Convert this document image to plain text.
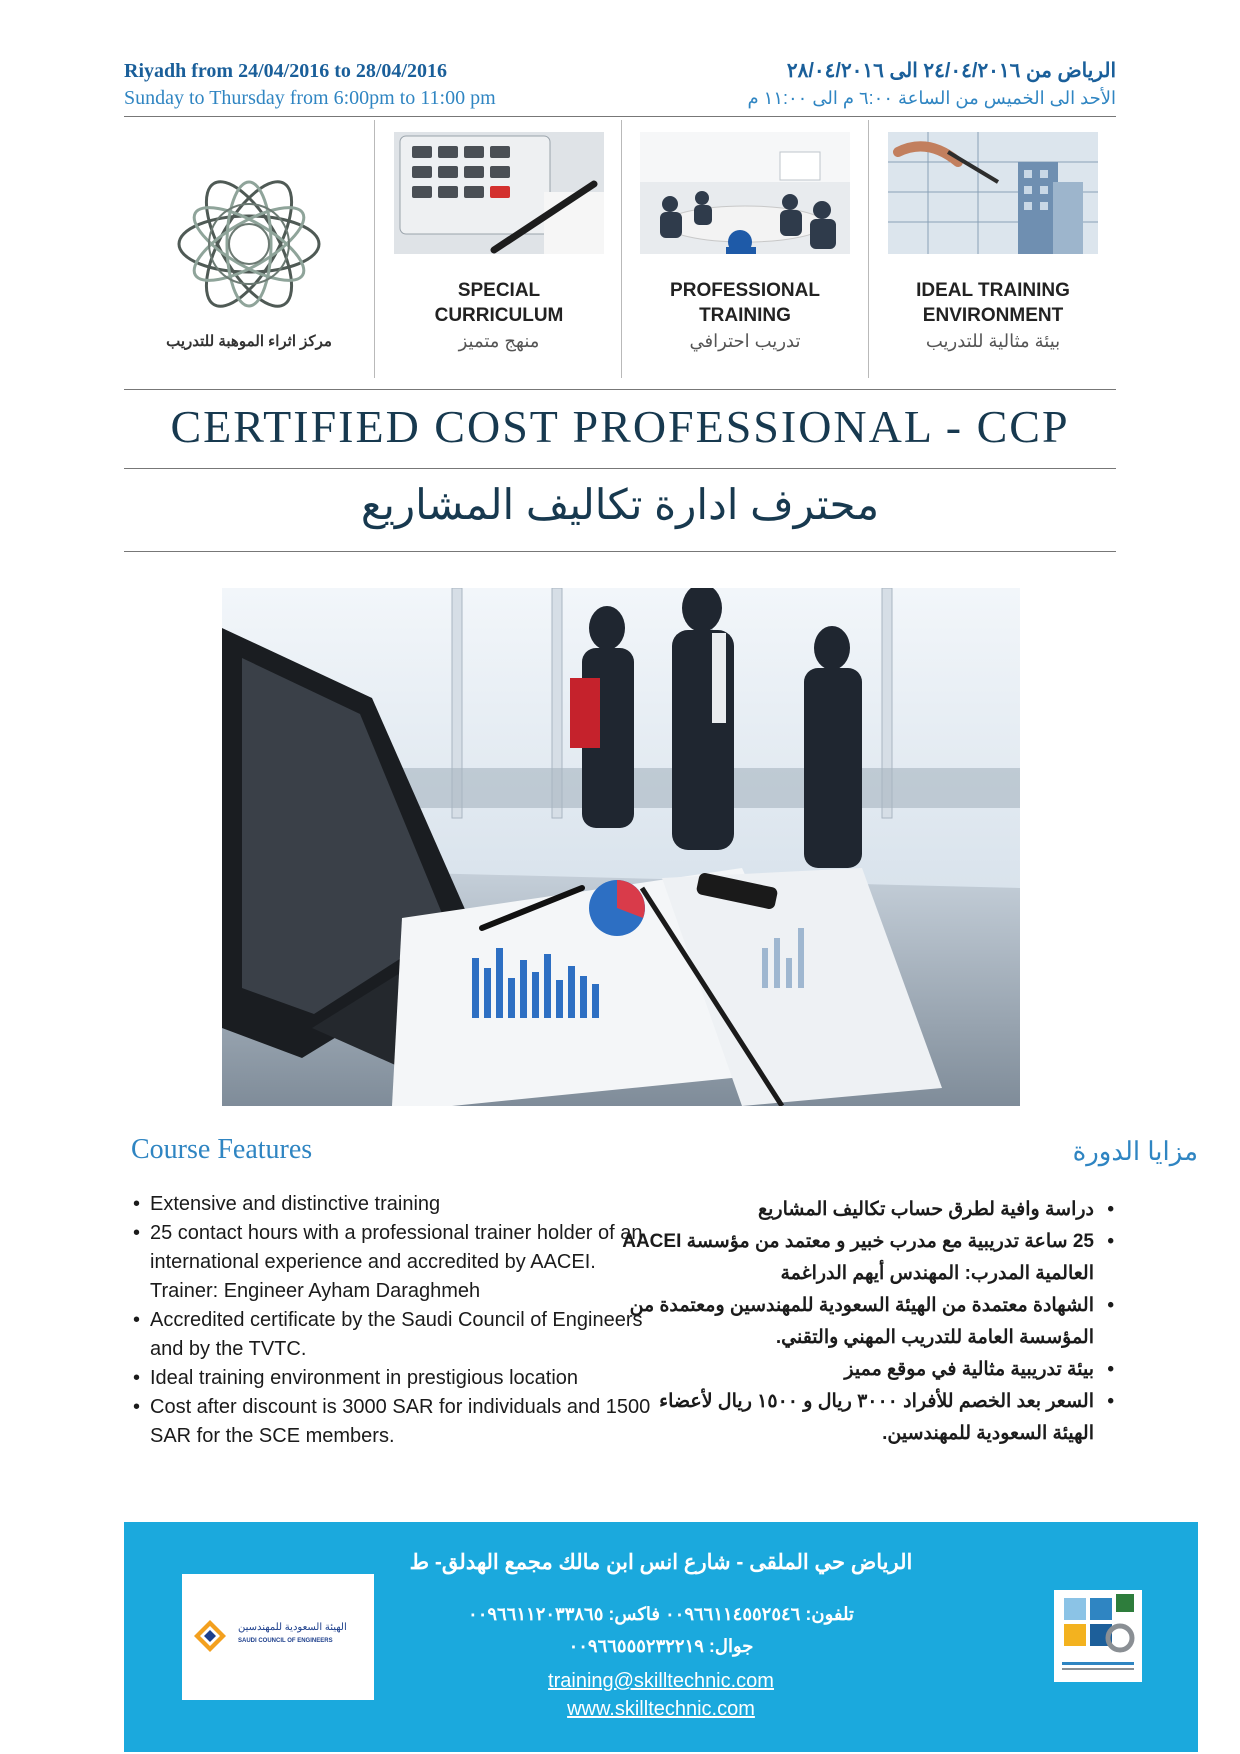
Riyadh from 24/04/2016 to 28/04/2016
Sunday to Thursday from 6:00pm to 11:00 pm
الرياض من ٢٤/٠٤/٢٠١٦ الى ٢٨/٠٤/٢٠١٦
الأحد الى الخميس من الساعة ٦:٠٠ م الى ١١:٠٠ م
مركز اثراء الموهبة للتدريب
SPECIAL
CURRICULUM
منهج متميز
PROFESSIONAL
TRAINING
تدريب احترافي
IDEAL TRAINING
ENVIRONMENT
بيئة مثالية للتدريب
CERTIFIED COST PROFESSIONAL - CCP
محترف ادارة تكاليف المشاريع
Course Features	مزايا الدورة
• Extensive and distinctive training
• 25 contact hours with a professional trainer holder of an international experience and accredited by AACEI. Trainer: Engineer Ayham Daraghmeh
• Accredited certificate by the Saudi Council of Engineers and by the TVTC.
• Ideal training environment in prestigious location
• Cost after discount is 3000 SAR for individuals and 1500 SAR for the SCE members.
• دراسة وافية لطرق حساب تكاليف المشاريع
• 25 ساعة تدريبية مع مدرب خبير و معتمد من مؤسسة AACEI العالمية المدرب: المهندس أيهم الدراغمة
• الشهادة معتمدة من الهيئة السعودية للمهندسين ومعتمدة من المؤسسة العامة للتدريب المهني والتقني.
• بيئة تدريبية مثالية في موقع مميز
• السعر بعد الخصم للأفراد ٣٠٠٠ ريال و ١٥٠٠ ريال لأعضاء الهيئة السعودية للمهندسين.
الهيئة السعودية للمهندسين
SAUDI COUNCIL OF ENGINEERS
الرياض حي الملقى - شارع انس ابن مالك مجمع الهدلق- ط
تلفون: ٠٠٩٦٦١١٤٥٥٢٥٤٦ فاكس: ٠٠٩٦٦١١٢٠٣٣٨٦٥
جوال: ٠٠٩٦٦٥٥٥٢٣٢٢١٩
training@skilltechnic.com
www.skilltechnic.com
